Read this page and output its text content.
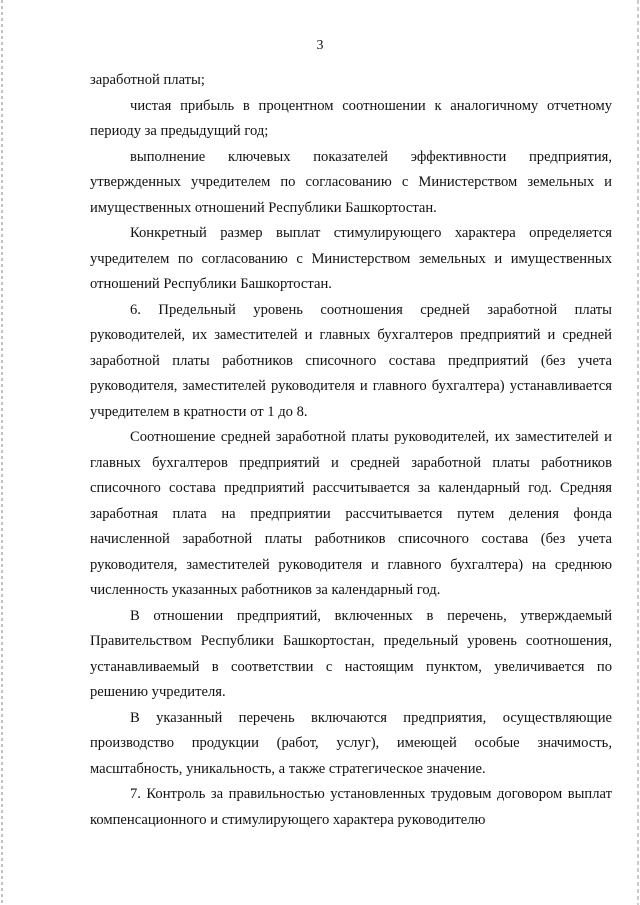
3

заработной платы;

чистая прибыль в процентном соотношении к аналогичному отчетному периоду за предыдущий год;

выполнение ключевых показателей эффективности предприятия, утвержденных учредителем по согласованию с Министерством земельных и имущественных отношений Республики Башкортостан.

Конкретный размер выплат стимулирующего характера определяется учредителем по согласованию с Министерством земельных и имущественных отношений Республики Башкортостан.

6. Предельный уровень соотношения средней заработной платы руководителей, их заместителей и главных бухгалтеров предприятий и средней заработной платы работников списочного состава предприятий (без учета руководителя, заместителей руководителя и главного бухгалтера) устанавливается учредителем в кратности от 1 до 8.

Соотношение средней заработной платы руководителей, их заместителей и главных бухгалтеров предприятий и средней заработной платы работников списочного состава предприятий рассчитывается за календарный год. Средняя заработная плата на предприятии рассчитывается путем деления фонда начисленной заработной платы работников списочного состава (без учета руководителя, заместителей руководителя и главного бухгалтера) на среднюю численность указанных работников за календарный год.

В отношении предприятий, включенных в перечень, утверждаемый Правительством Республики Башкортостан, предельный уровень соотношения, устанавливаемый в соответствии с настоящим пунктом, увеличивается по решению учредителя.

В указанный перечень включаются предприятия, осуществляющие производство продукции (работ, услуг), имеющей особые значимость, масштабность, уникальность, а также стратегическое значение.

7. Контроль за правильностью установленных трудовым договором выплат компенсационного и стимулирующего характера руководителю
